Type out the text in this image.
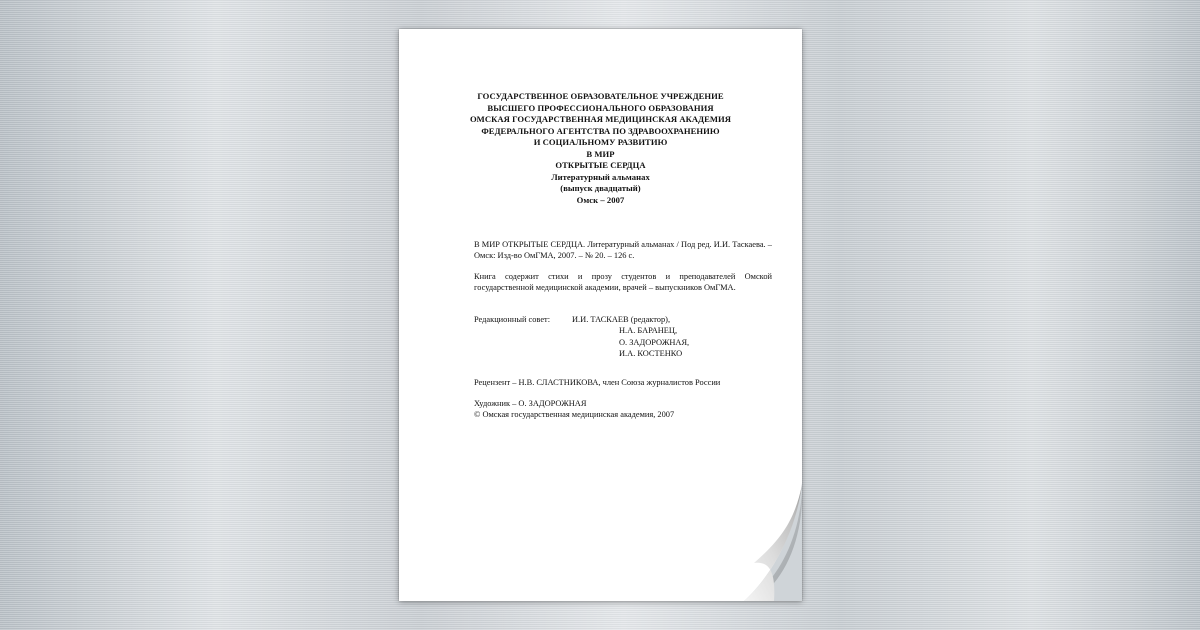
ГОСУДАРСТВЕННОЕ ОБРАЗОВАТЕЛЬНОЕ УЧРЕЖДЕНИЕ
ВЫСШЕГО ПРОФЕССИОНАЛЬНОГО ОБРАЗОВАНИЯ
ОМСКАЯ ГОСУДАРСТВЕННАЯ МЕДИЦИНСКАЯ АКАДЕМИЯ
ФЕДЕРАЛЬНОГО АГЕНТСТВА ПО ЗДРАВООХРАНЕНИЮ
И СОЦИАЛЬНОМУ РАЗВИТИЮ
В МИР
ОТКРЫТЫЕ СЕРДЦА
Литературный альманах
(выпуск двадцатый)
Омск – 2007
В МИР ОТКРЫТЫЕ СЕРДЦА. Литературный альманах / Под ред. И.И. Таскаева. – Омск: Изд-во ОмГМА, 2007. – № 20. – 126 с.
Книга содержит стихи и прозу студентов и преподавателей Омской государственной медицинской академии, врачей – выпускников ОмГМА.
Редакционный совет:	И.И. ТАСКАЕВ (редактор),
Н.А. БАРАНЕЦ,
О. ЗАДОРОЖНАЯ,
И.А. КОСТЕНКО
Рецензент – Н.В. СЛАСТНИКОВА, член Союза журналистов России
Художник – О. ЗАДОРОЖНАЯ
© Омская государственная медицинская академия, 2007
